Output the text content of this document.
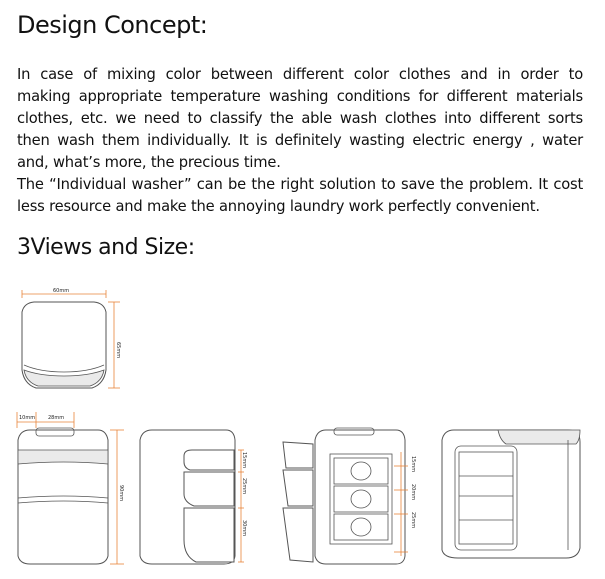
Design Concept:

In case of mixing color between different color clothes and in order to
making appropriate temperature washing conditions for different materials
clothes, etc. we need to classify the able wash clothes into different sorts
then wash them individually. It is definitely wasting electric energy , water
and, what’s more, the precious time.
The “Individual washer” can be the right solution to save the problem. It cost
less resource and make the annoying laundry work perfectly convenient.

3Views and Size:
60mm
65mm
10mm	28mm
90mm
15mm
25mm
30mm
15mm
20mm
25mm
